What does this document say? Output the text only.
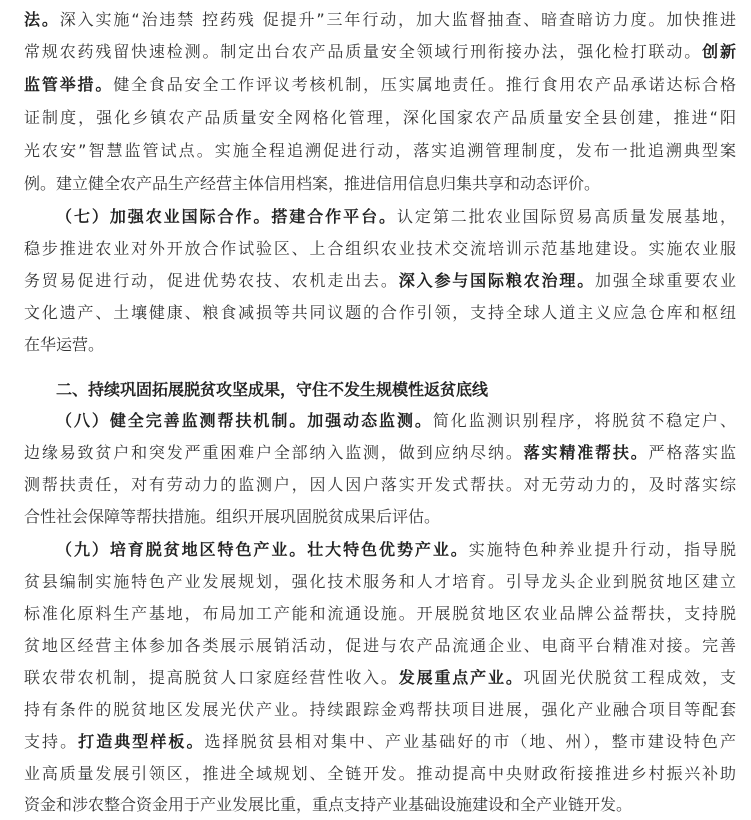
法。深入实施“治违禁 控药残 促提升”三年行动，加大监督抽查、暗查暗访力度。加快推进
常规农药残留快速检测。制定出台农产品质量安全领域行刑衔接办法，强化检打联动。创新
监管举措。健全食品安全工作评议考核机制，压实属地责任。推行食用农产品承诺达标合格
证制度，强化乡镇农产品质量安全网格化管理，深化国家农产品质量安全县创建，推进“阳
光农安”智慧监管试点。实施全程追溯促进行动，落实追溯管理制度，发布一批追溯典型案
例。建立健全农产品生产经营主体信用档案，推进信用信息归集共享和动态评价。
（七）加强农业国际合作。搭建合作平台。认定第二批农业国际贸易高质量发展基地，
稳步推进农业对外开放合作试验区、上合组织农业技术交流培训示范基地建设。实施农业服
务贸易促进行动，促进优势农技、农机走出去。深入参与国际粮农治理。加强全球重要农业
文化遗产、土壤健康、粮食减损等共同议题的合作引领，支持全球人道主义应急仓库和枢纽
在华运营。
二、持续巩固拓展脱贫攻坚成果，守住不发生规模性返贫底线
（八）健全完善监测帮扶机制。加强动态监测。简化监测识别程序，将脱贫不稳定户、
边缘易致贫户和突发严重困难户全部纳入监测，做到应纳尽纳。落实精准帮扶。严格落实监
测帮扶责任，对有劳动力的监测户，因人因户落实开发式帮扶。对无劳动力的，及时落实综
合性社会保障等帮扶措施。组织开展巩固脱贫成果后评估。
（九）培育脱贫地区特色产业。壮大特色优势产业。实施特色种养业提升行动，指导脱
贫县编制实施特色产业发展规划，强化技术服务和人才培育。引导龙头企业到脱贫地区建立
标准化原料生产基地，布局加工产能和流通设施。开展脱贫地区农业品牌公益帮扶，支持脱
贫地区经营主体参加各类展示展销活动，促进与农产品流通企业、电商平台精准对接。完善
联农带农机制，提高脱贫人口家庭经营性收入。发展重点产业。巩固光伏脱贫工程成效，支
持有条件的脱贫地区发展光伏产业。持续跟踪金鸡帮扶项目进展，强化产业融合项目等配套
支持。打造典型样板。选择脱贫县相对集中、产业基础好的市（地、州），整市建设特色产
业高质量发展引领区，推进全域规划、全链开发。推动提高中央财政衔接推进乡村振兴补助
资金和涉农整合资金用于产业发展比重，重点支持产业基础设施建设和全产业链开发。
